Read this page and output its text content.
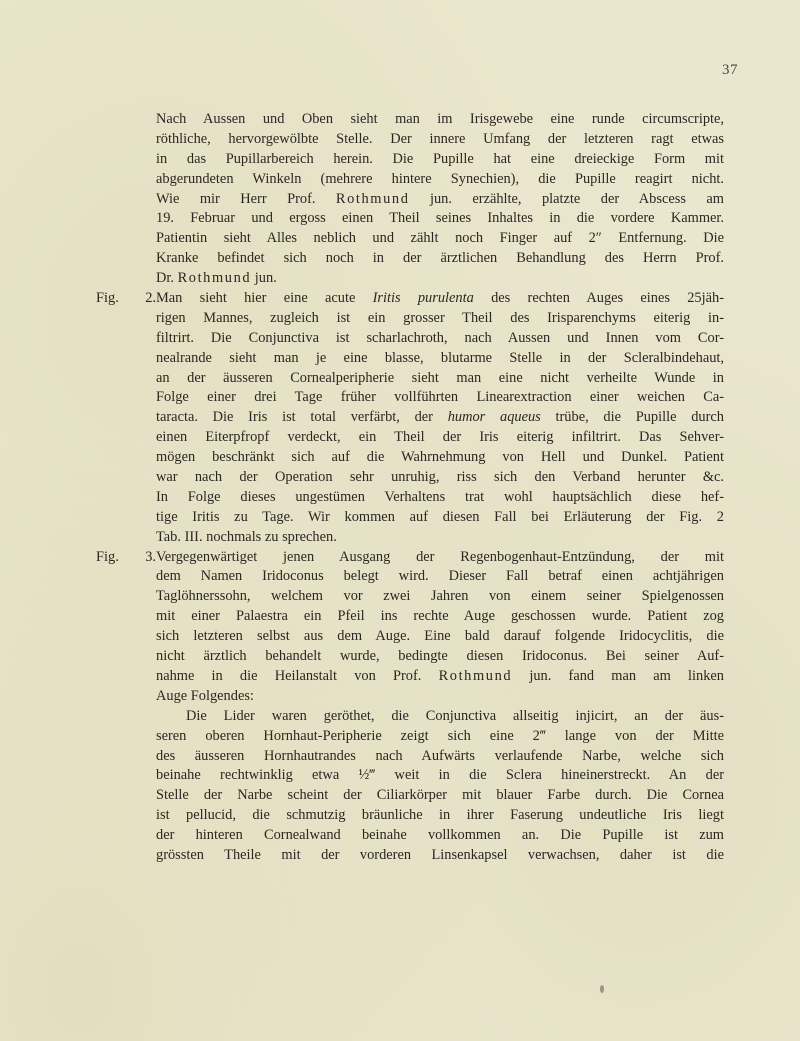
37
Nach Aussen und Oben sieht man im Irisgewebe eine runde circumscripte,
röthliche, hervorgewölbte Stelle. Der innere Umfang der letzteren ragt etwas
in das Pupillarbereich herein. Die Pupille hat eine dreieckige Form mit
abgerundeten Winkeln (mehrere hintere Synechien), die Pupille reagirt nicht.
Wie mir Herr Prof. Rothmund jun. erzählte, platzte der Abscess am
19. Februar und ergoss einen Theil seines Inhaltes in die vordere Kammer.
Patientin sieht Alles neblich und zählt noch Finger auf 2″ Entfernung. Die
Kranke befindet sich noch in der ärztlichen Behandlung des Herrn Prof.
Dr. Rothmund jun.
Fig. 2. Man sieht hier eine acute Iritis purulenta des rechten Auges eines 25jäh-
rigen Mannes, zugleich ist ein grosser Theil des Irisparenchyms eiterig in-
filtrirt. Die Conjunctiva ist scharlachroth, nach Aussen und Innen vom Cor-
nealrande sieht man je eine blasse, blutarme Stelle in der Scleralbindehaut,
an der äusseren Cornealperipherie sieht man eine nicht verheilte Wunde in
Folge einer drei Tage früher vollführten Linearextraction einer weichen Ca-
taracta. Die Iris ist total verfärbt, der humor aqueus trübe, die Pupille durch
einen Eiterpfropf verdeckt, ein Theil der Iris eiterig infiltrirt. Das Sehver-
mögen beschränkt sich auf die Wahrnehmung von Hell und Dunkel. Patient
war nach der Operation sehr unruhig, riss sich den Verband herunter &c.
In Folge dieses ungestümen Verhaltens trat wohl hauptsächlich diese hef-
tige Iritis zu Tage. Wir kommen auf diesen Fall bei Erläuterung der Fig. 2
Tab. III. nochmals zu sprechen.
Fig. 3. Vergegenwärtiget jenen Ausgang der Regenbogenhaut-Entzündung, der mit
dem Namen Iridoconus belegt wird. Dieser Fall betraf einen achtjährigen
Taglöhnerssohn, welchem vor zwei Jahren von einem seiner Spielgenossen
mit einer Palaestra ein Pfeil ins rechte Auge geschossen wurde. Patient zog
sich letzteren selbst aus dem Auge. Eine bald darauf folgende Iridocyclitis, die
nicht ärztlich behandelt wurde, bedingte diesen Iridoconus. Bei seiner Auf-
nahme in die Heilanstalt von Prof. Rothmund jun. fand man am linken
Auge Folgendes:
Die Lider waren geröthet, die Conjunctiva allseitig injicirt, an der äus-
seren oberen Hornhaut-Peripherie zeigt sich eine 2‴ lange von der Mitte
des äusseren Hornhautrandes nach Aufwärts verlaufende Narbe, welche sich
beinahe rechtwinklig etwa ½‴ weit in die Sclera hineinerstreckt. An der
Stelle der Narbe scheint der Ciliarkörper mit blauer Farbe durch. Die Cornea
ist pellucid, die schmutzig bräunliche in ihrer Faserung undeutliche Iris liegt
der hinteren Cornealwand beinahe vollkommen an. Die Pupille ist zum
grössten Theile mit der vorderen Linsenkapsel verwachsen, daher ist die
